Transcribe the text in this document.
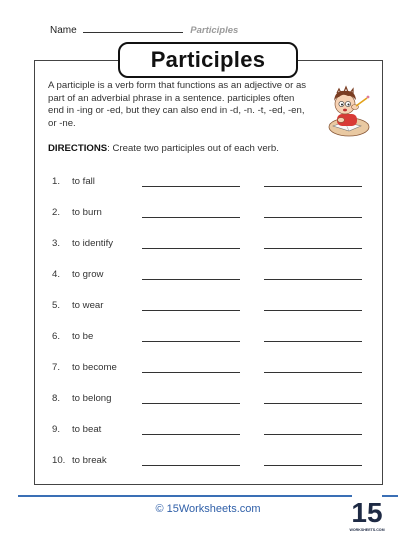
Name	Participles
Participles
A participle is a verb form that functions as an adjective or as part of an adverbial phrase in a sentence. participles often end in -ing or -ed, but they can also end in -d, -n. -t, -ed, -en, or -ne.
DIRECTIONS: Create two participles out of each verb.
1. to fall
2. to burn
3. to identify
4. to grow
5. to wear
6. to be
7. to become
8. to belong
9. to beat
10. to break
© 15Worksheets.com	15
WORKSHEETS.COM
